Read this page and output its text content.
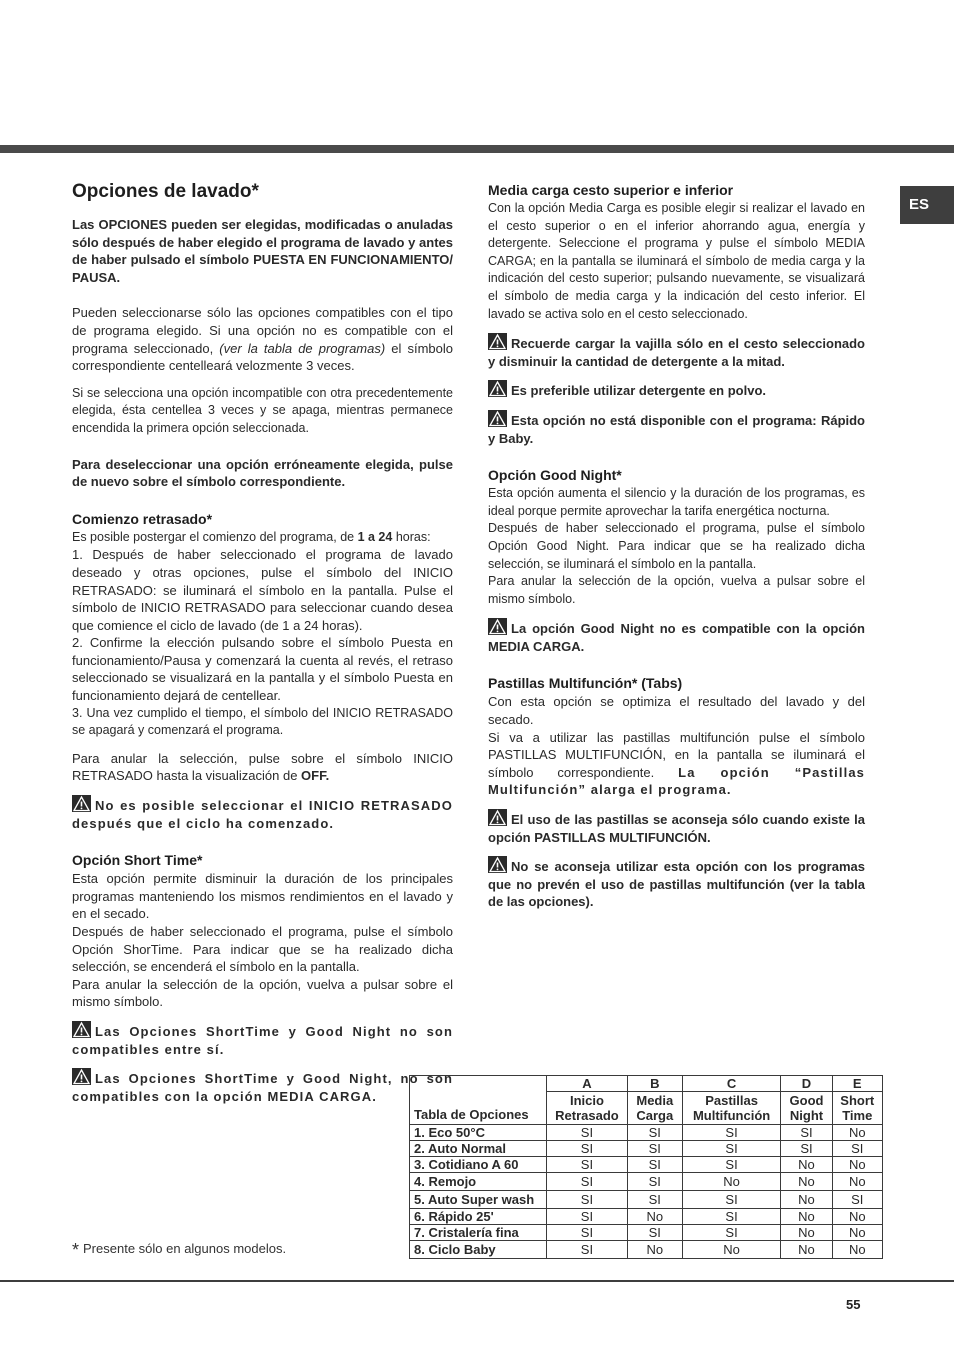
ES
Opciones de lavado*

Las OPCIONES pueden ser elegidas, modificadas o anuladas sólo después de haber elegido el programa de lavado y antes de haber pulsado el símbolo PUESTA EN FUNCIONAMIENTO/ PAUSA.

Pueden seleccionarse sólo las opciones compatibles con el tipo de programa elegido. Si una opción no es compatible con el programa seleccionado, (ver la tabla de programas) el símbolo correspondiente centelleará velozmente 3 veces.

Si se selecciona una opción incompatible con otra precedentemente elegida, ésta centellea 3 veces y se apaga, mientras permanece encendida la primera opción seleccionada.

Para deseleccionar una opción erróneamente elegida, pulse de nuevo sobre el símbolo correspondiente.

Comienzo retrasado*

Es posible postergar el comienzo del programa, de 1 a 24 horas:

1. Después de haber seleccionado el programa de lavado deseado y otras opciones, pulse el símbolo del INICIO RETRASADO: se iluminará el símbolo en la pantalla. Pulse el símbolo de INICIO RETRASADO para seleccionar cuando desea que comience el ciclo de lavado (de 1 a 24 horas).

2. Confirme la elección pulsando sobre el símbolo Puesta en funcionamiento/Pausa y comenzará la cuenta al revés, el retraso seleccionado se visualizará en la pantalla y el símbolo Puesta en funcionamiento dejará de centellear.

3. Una vez cumplido el tiempo, el símbolo del INICIO RETRASADO se apagará y comenzará el programa.

Para anular la selección, pulse sobre el símbolo INICIO RETRASADO hasta la visualización de OFF.

No es posible seleccionar el INICIO RETRASADO después que el ciclo ha comenzado.

Opción Short Time*

Esta opción permite disminuir la duración de los principales programas manteniendo los mismos rendimientos en el lavado y en el secado.

Después de haber seleccionado el programa, pulse el símbolo Opción ShorTime. Para indicar que se ha realizado dicha selección, se encenderá el símbolo en la pantalla.

Para anular la selección de la opción, vuelva a pulsar sobre el mismo símbolo.

Las Opciones ShortTime y Good Night no son compatibles entre sí.

Las Opciones ShortTime y Good Night, no son compatibles con la opción MEDIA CARGA.

Media carga cesto superior e inferior

Con la opción Media Carga es posible elegir si realizar el lavado en el cesto superior o en el inferior ahorrando agua, energía y detergente. Seleccione el programa y pulse el símbolo MEDIA CARGA; en la pantalla se iluminará el símbolo de media carga y la indicación del cesto superior; pulsando nuevamente, se visualizará el símbolo de media carga y la indicación del cesto inferior. El lavado se activa solo en el cesto seleccionado.

Recuerde cargar la vajilla sólo en el cesto seleccionado y disminuir la cantidad de detergente a la mitad.

Es preferible utilizar detergente en polvo.

Esta opción no está disponible con el programa: Rápido y Baby.

Opción Good Night*

Esta opción aumenta el silencio y la duración de los programas, es ideal porque permite aprovechar la tarifa energética nocturna.

Después de haber seleccionado el programa, pulse el símbolo Opción Good Night. Para indicar que se ha realizado dicha selección, se iluminará el símbolo en la pantalla.

Para anular la selección de la opción, vuelva a pulsar sobre el mismo símbolo.

La opción Good Night no es compatible con la opción MEDIA CARGA.

Pastillas Multifunción* (Tabs)

Con esta opción se optimiza el resultado del lavado y del secado.

Si va a utilizar las pastillas multifunción pulse el símbolo PASTILLAS MULTIFUNCIÓN, en la pantalla se iluminará el símbolo correspondiente. La opción “Pastillas Multifunción” alarga el programa.

El uso de las pastillas se aconseja sólo cuando existe la opción PASTILLAS MULTIFUNCIÓN.

No se aconseja utilizar esta opción con los programas que no prevén el uso de pastillas multifunción (ver la tabla de las opciones).

* Presente sólo en algunos modelos.
Tabla de Opciones	A	B	C	D	E
	Inicio Retrasado	Media Carga	Pastillas Multifunción	Good Night	Short Time
1. Eco 50°C	SI	SI	SI	SI	No
2. Auto Normal	SI	SI	SI	SI	SI
3. Cotidiano A 60	SI	SI	SI	No	No
4. Remojo	SI	SI	No	No	No
5. Auto Super wash	SI	SI	SI	No	SI
6. Rápido 25'	SI	No	SI	No	No
7. Cristalería fina	SI	SI	SI	No	No
8. Ciclo Baby	SI	No	No	No	No
55
